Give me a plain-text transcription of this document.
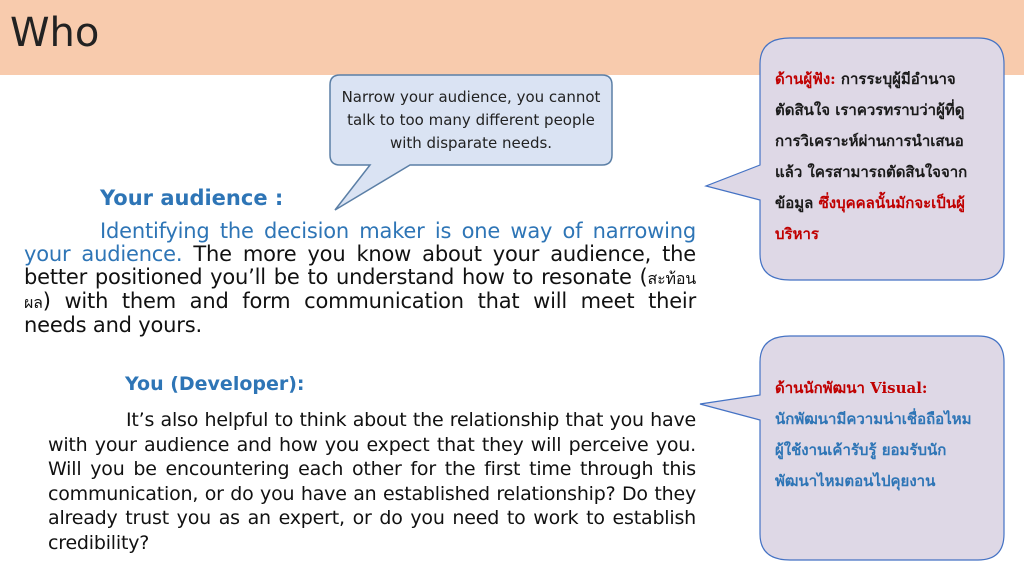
Who
Narrow your audience, you cannot talk to too many different people with disparate needs.
ด้านผู้ฟัง: การระบุผู้มีอำนาจตัดสินใจ เราควรทราบว่าผู้ที่ดูการวิเคราะห์ผ่านการนำเสนอแล้ว ใครสามารถตัดสินใจจากข้อมูล ซึ่งบุคคลนั้นมักจะเป็นผู้บริหาร
ด้านนักพัฒนา Visual:
นักพัฒนามีความน่าเชื่อถือไหม ผู้ใช้งานเค้ารับรู้ ยอมรับนักพัฒนาไหมตอนไปคุยงาน
Your audience :
Identifying the decision maker is one way of narrowing your audience. The more you know about your audience, the better positioned you’ll be to understand how to resonate (สะท้อนผล) with them and form communication that will meet their needs and yours.
You (Developer):
It’s also helpful to think about the relationship that you have with your audience and how you expect that they will perceive you. Will you be encountering each other for the first time through this communication, or do you have an established relationship? Do they already trust you as an expert, or do you need to work to establish credibility?
